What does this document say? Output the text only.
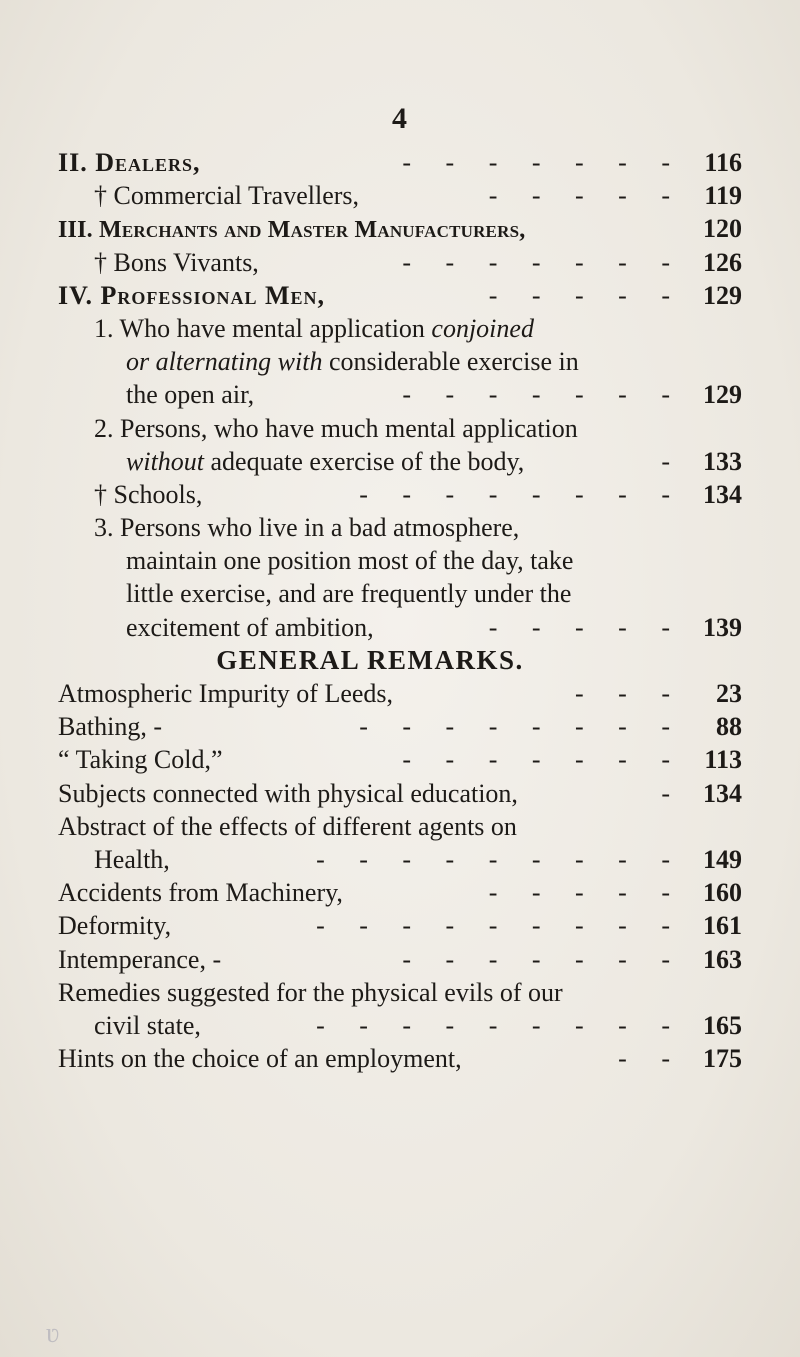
4
II. Dealers,	- - - - - - - 116
† Commercial Travellers,	- - - - - 119
III. Merchants and Master Manufacturers,	120
† Bons Vivants,	- - - - - - - 126
IV. Professional Men,	- - - - - 129
1. Who have mental application conjoined
or alternating with considerable exercise in
the open air,	- - - - - - - 129
2. Persons, who have much mental application
without adequate exercise of the body,	- 133
† Schools,	- - - - - - - - 134
3. Persons who live in a bad atmosphere,
maintain one position most of the day, take
little exercise, and are frequently under the
excitement of ambition,	- - - - - 139
GENERAL REMARKS.
Atmospheric Impurity of Leeds,	- - -	23
Bathing, -	- - - - - - - -	88
“ Taking Cold,”	- - - - - - - 113
Subjects connected with physical education,	- 134
Abstract of the effects of different agents on
Health,	- - - - - - - - - 149
Accidents from Machinery,	- - - - - 160
Deformity,	- - - - - - - - - 161
Intemperance, -	- - - - - - - 163
Remedies suggested for the physical evils of our
civil state,	- - - - - - - - - 165
Hints on the choice of an employment,	- - 175
ʋ
